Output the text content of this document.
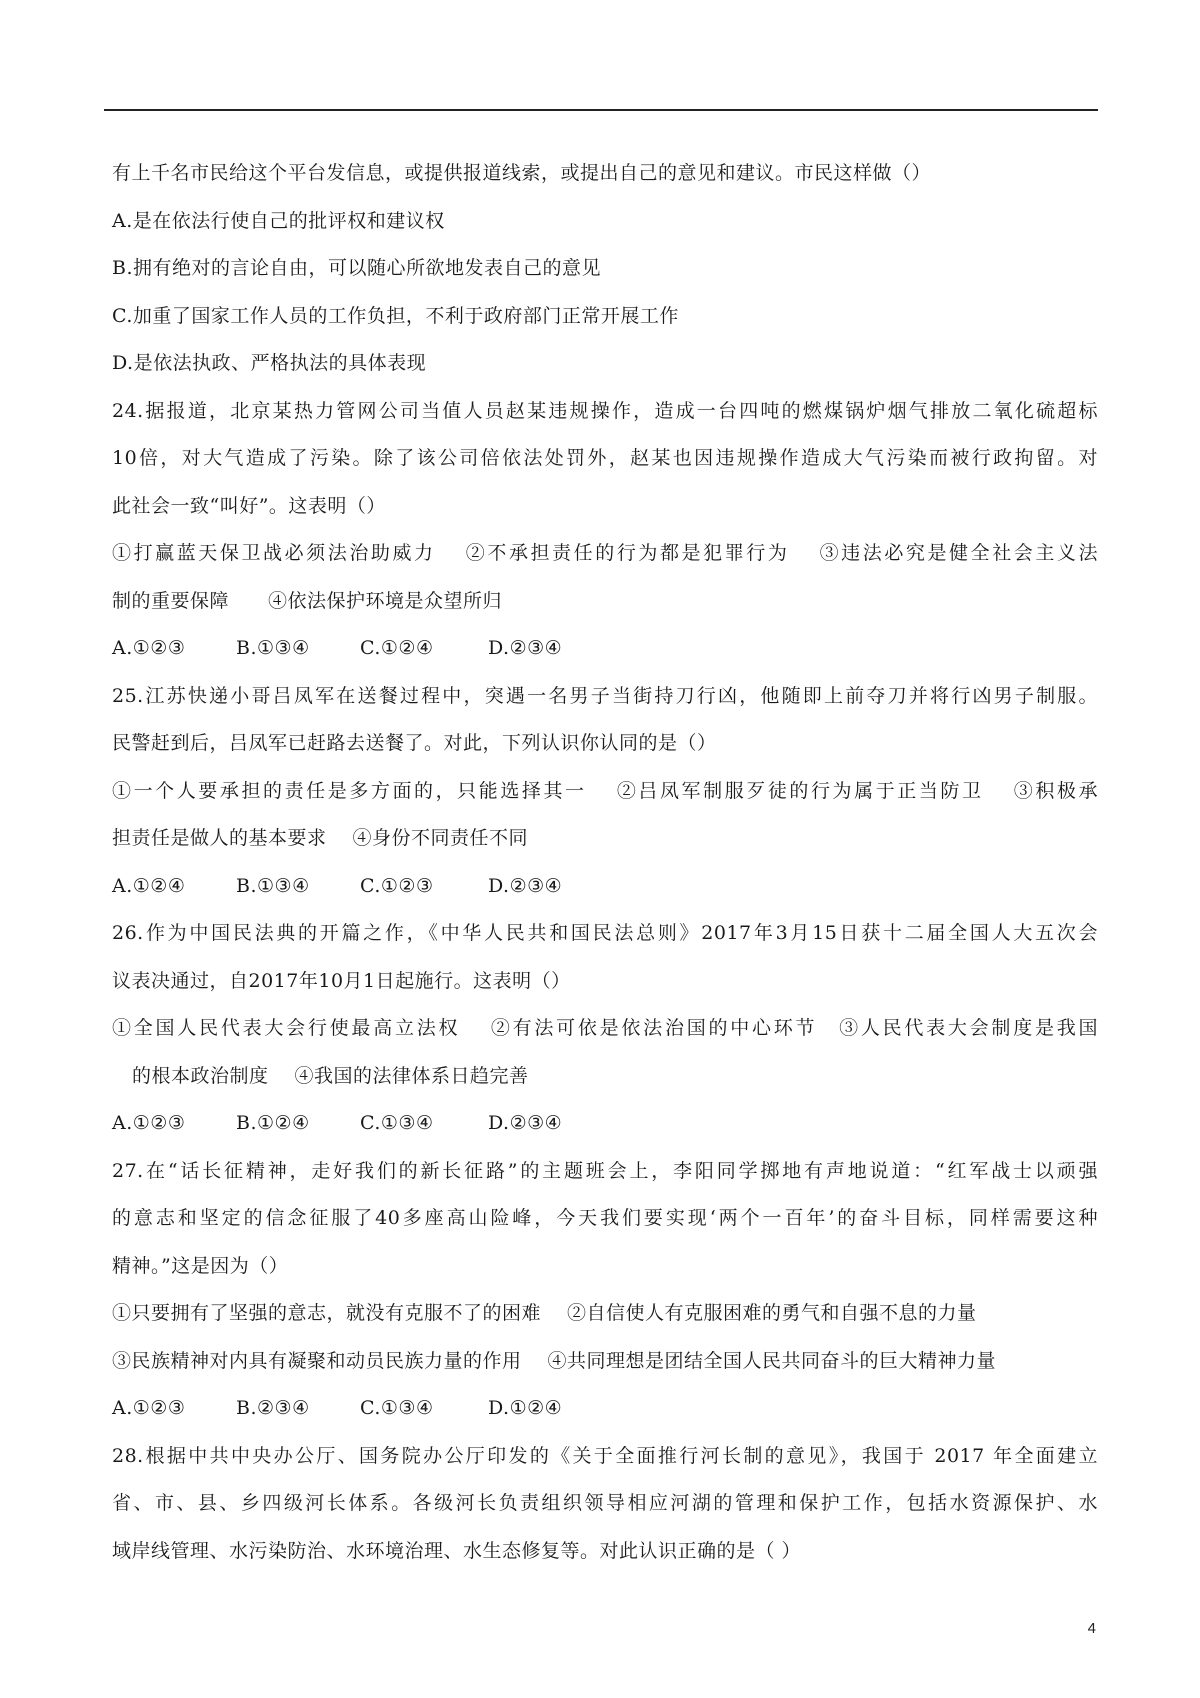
有上千名市民给这个平台发信息，或提供报道线索，或提出自己的意见和建议。市民这样做（）
A.是在依法行使自己的批评权和建议权
B.拥有绝对的言论自由，可以随心所欲地发表自己的意见
C.加重了国家工作人员的工作负担，不利于政府部门正常开展工作
D.是依法执政、严格执法的具体表现
24.据报道，北京某热力管网公司当值人员赵某违规操作，造成一台四吨的燃煤锅炉烟气排放二氧化硫超标
10倍，对大气造成了污染。除了该公司倍依法处罚外，赵某也因违规操作造成大气污染而被行政拘留。对
此社会一致“叫好”。这表明（）
①打赢蓝天保卫战必须法治助威力　 ②不承担责任的行为都是犯罪行为　 ③违法必究是健全社会主义法
制的重要保障　　④依法保护环境是众望所归
A.①②③	B.①③④	C.①②④	D.②③④
25.江苏快递小哥吕凤军在送餐过程中，突遇一名男子当街持刀行凶，他随即上前夺刀并将行凶男子制服。
民警赶到后，吕凤军已赶路去送餐了。对此，下列认识你认同的是（）
①一个人要承担的责任是多方面的，只能选择其一　 ②吕凤军制服歹徒的行为属于正当防卫　 ③积极承
担责任是做人的基本要求　 ④身份不同责任不同
A.①②④	B.①③④	C.①②③	D.②③④
26.作为中国民法典的开篇之作，《中华人民共和国民法总则》2017年3月15日获十二届全国人大五次会
议表决通过，自2017年10月1日起施行。这表明（）
①全国人民代表大会行使最高立法权　 ②有法可依是依法治国的中心环节　③人民代表大会制度是我国
的根本政治制度　 ④我国的法律体系日趋完善
A.①②③	B.①②④	C.①③④	D.②③④
27.在“话长征精神，走好我们的新长征路”的主题班会上，李阳同学掷地有声地说道：“红军战士以顽强
的意志和坚定的信念征服了40多座高山险峰，今天我们要实现‘两个一百年’的奋斗目标，同样需要这种
精神。”这是因为（）
①只要拥有了坚强的意志，就没有克服不了的困难　 ②自信使人有克服困难的勇气和自强不息的力量
③民族精神对内具有凝聚和动员民族力量的作用　 ④共同理想是团结全国人民共同奋斗的巨大精神力量
A.①②③	B.②③④	C.①③④	D.①②④
28.根据中共中央办公厅、国务院办公厅印发的《关于全面推行河长制的意见》，我国于 2017 年全面建立
省、市、县、乡四级河长体系。各级河长负责组织领导相应河湖的管理和保护工作，包括水资源保护、水
域岸线管理、水污染防治、水环境治理、水生态修复等。对此认识正确的是（ ）
4
